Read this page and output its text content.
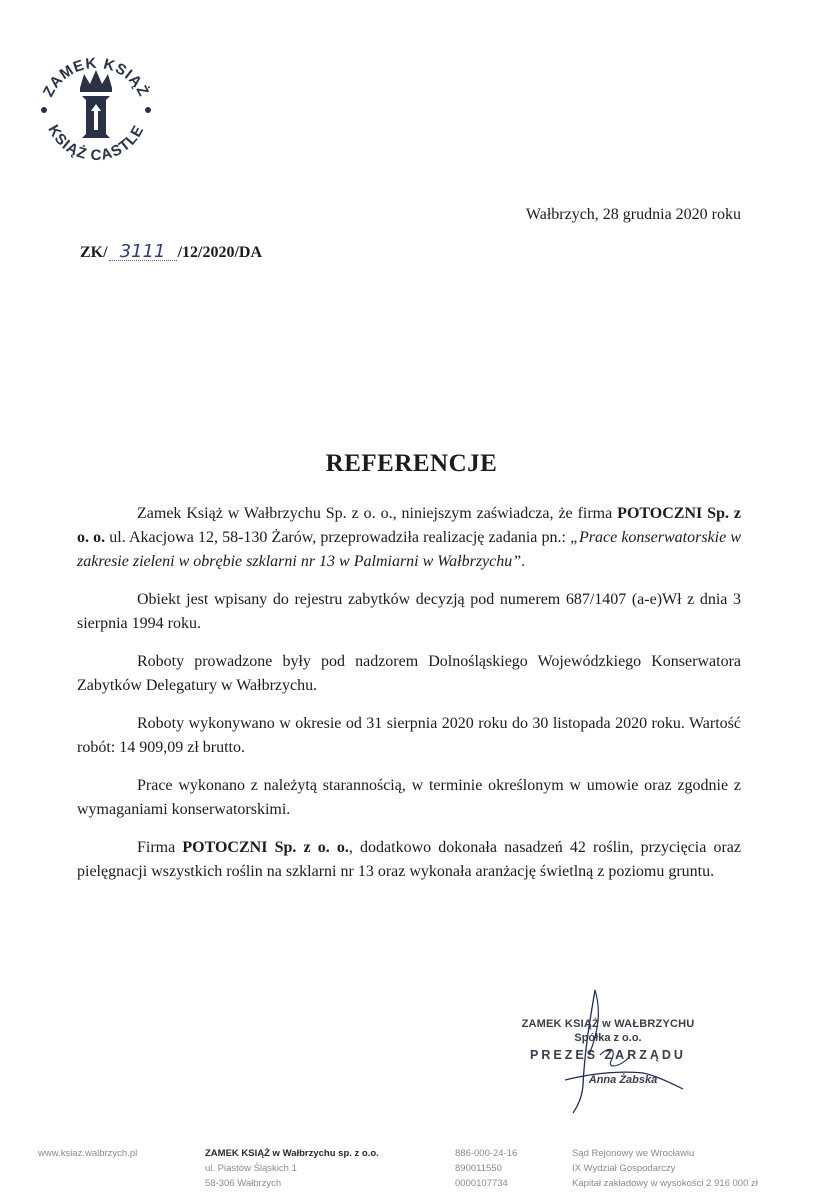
ZAMEK KSIĄŻ
KSIĄŻ CASTLE
Wałbrzych, 28 grudnia 2020 roku
ZK/ 3111 /12/2020/DA
REFERENCJE

Zamek Książ w Wałbrzychu Sp. z o. o., niniejszym zaświadcza, że firma POTOCZNI Sp. z o. o. ul. Akacjowa 12, 58-130 Żarów, przeprowadziła realizację zadania pn.: „Prace konserwatorskie w zakresie zieleni w obrębie szklarni nr 13 w Palmiarni w Wałbrzychu”.

Obiekt jest wpisany do rejestru zabytków decyzją pod numerem 687/1407 (a-e)Wł z dnia 3 sierpnia 1994 roku.

Roboty prowadzone były pod nadzorem Dolnośląskiego Wojewódzkiego Konserwatora Zabytków Delegatury w Wałbrzychu.

Roboty wykonywano w okresie od 31 sierpnia 2020 roku do 30 listopada 2020 roku. Wartość robót: 14 909,09 zł brutto.

Prace wykonano z należytą starannością, w terminie określonym w umowie oraz zgodnie z wymaganiami konserwatorskimi.

Firma POTOCZNI Sp. z o. o., dodatkowo dokonała nasadzeń 42 roślin, przycięcia oraz pielęgnacji wszystkich roślin na szklarni nr 13 oraz wykonała aranżację świetlną z poziomu gruntu.

ZAMEK KSIĄŻ w WAŁBRZYCHU
Spółka z o.o.
PREZES ZARZĄDU
Anna Żabska
www.ksiaz.walbrzych.pl	ZAMEK KSIĄŻ w Wałbrzychu sp. z o.o.
ul. Piastów Śląskich 1
58-306 Wałbrzych
886-000-24-16
890011550
0000107734
Sąd Rejonowy we Wrocławiu
IX Wydział Gospodarczy
Kapitał zakładowy w wysokości 2 916 000 zł
